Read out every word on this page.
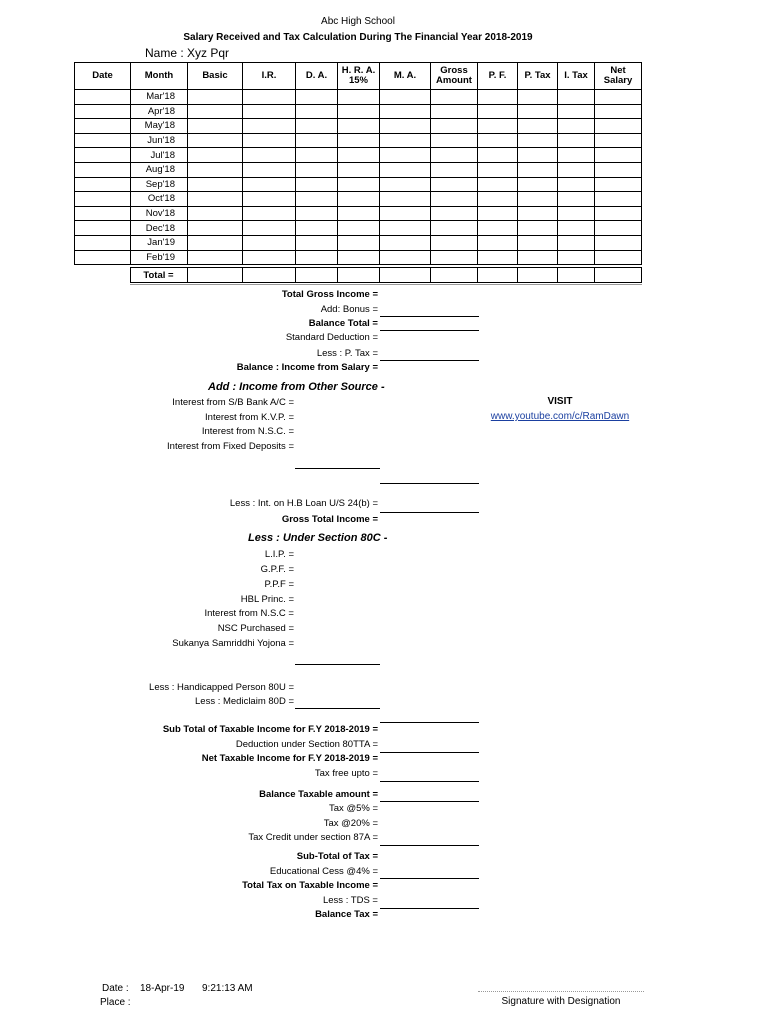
Abc High School
Salary Received and Tax Calculation During The Financial Year 2018-2019
Name : Xyz Pqr
Date	Month	Basic	I.R.	D. A.	H. R. A. 15%	M. A.	Gross Amount	P. F.	P. Tax	I. Tax	Net Salary
	Mar'18										
	Apr'18										
	May'18										
	Jun'18										
	Jul'18										
	Aug'18										
	Sep'18										
	Oct'18										
	Nov'18										
	Dec'18										
	Jan'19										
	Feb'19										
	Total =										
Total Gross Income =
Add: Bonus =
Balance Total =
Standard Deduction =
Less : P. Tax =
Balance : Income from Salary =
Add : Income from Other Source -
Interest from S/B Bank A/C =
Interest from K.V.P. =
Interest from N.S.C. =
Interest from Fixed Deposits =
VISIT
www.youtube.com/c/RamDawn
Less : Int. on H.B Loan U/S 24(b) =
Gross Total Income =
Less : Under Section 80C -
L.I.P. =
G.P.F. =
P.P.F =
HBL Princ. =
Interest from N.S.C =
NSC Purchased =
Sukanya Samriddhi Yojona =
Less : Handicapped Person 80U =
Less : Mediclaim 80D =
Sub Total of Taxable Income for F.Y 2018-2019 =
Deduction under Section 80TTA =
Net Taxable Income for F.Y 2018-2019 =
Tax free upto =
Balance Taxable amount =
Tax @5% =
Tax @20% =
Tax Credit under section 87A =
Sub-Total of Tax =
Educational Cess @4% =
Total Tax on Taxable Income =
Less : TDS =
Balance Tax =
Date : 18-Apr-19 9:21:13 AM
Place :	Signature with Designation
